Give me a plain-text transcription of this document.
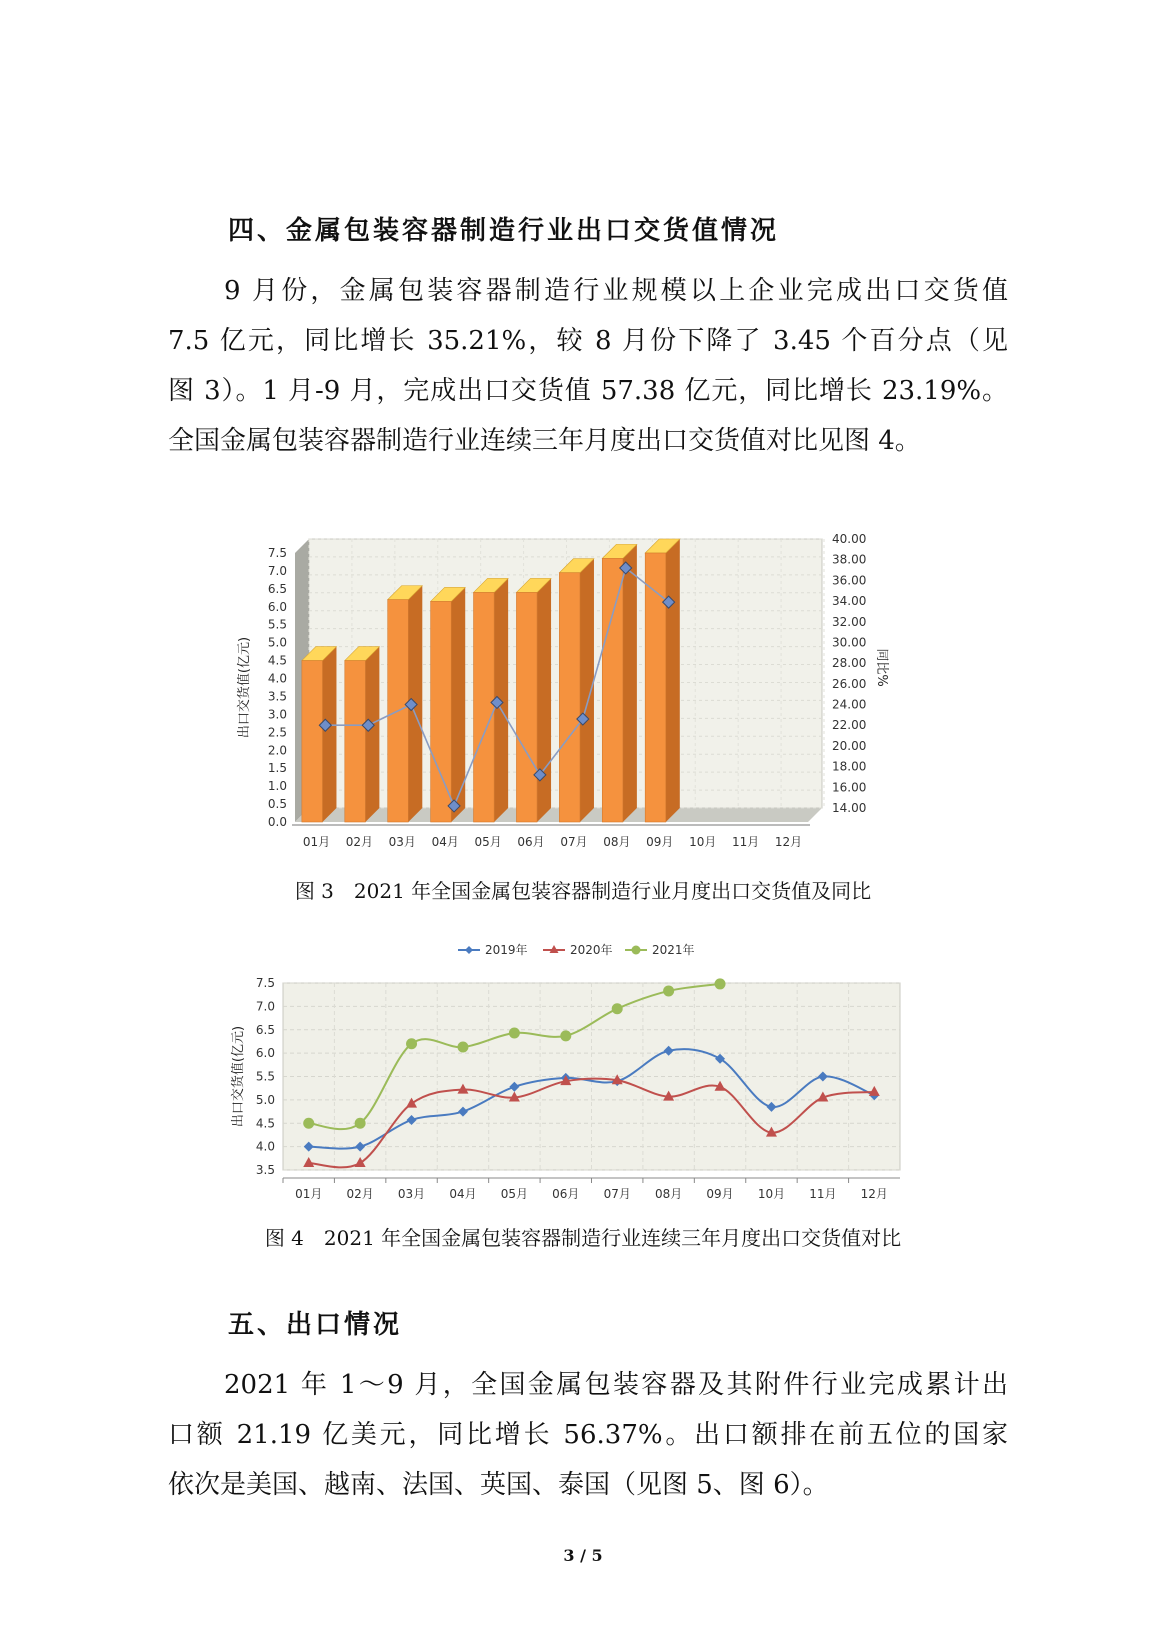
四、金属包装容器制造行业出口交货值情况

9 月份，金属包装容器制造行业规模以上企业完成出口交货值

7.5 亿元，同比增长 35.21%，较 8 月份下降了 3.45 个百分点（见

图 3）。1 月-9 月，完成出口交货值 57.38 亿元，同比增长 23.19%。

全国金属包装容器制造行业连续三年月度出口交货值对比见图 4。

0.0
0.5
1.0
1.5
2.0
2.5
3.0
3.5
4.0
4.5
5.0
5.5
6.0
6.5
7.0
7.5
14.00
16.00
18.00
20.00
22.00
24.00
26.00
28.00
30.00
32.00
34.00
36.00
38.00
40.00
出口交货值(亿元)	同比%
01月 02月 03月 04月 05月 06月 07月 08月 09月 10月 11月 12月
图 3　2021 年全国金属包装容器制造行业月度出口交货值及同比
3.5
4.0
4.5
5.0
5.5
6.0
6.5
7.0
7.5
01月 02月 03月 04月 05月 06月 07月 08月 09月 10月 11月 12月
出口交货值(亿元)
2019年	2020年	2021年
图 4　2021 年全国金属包装容器制造行业连续三年月度出口交货值对比
五、出口情况

2021 年 1～9 月，全国金属包装容器及其附件行业完成累计出

口额 21.19 亿美元，同比增长 56.37%。出口额排在前五位的国家

依次是美国、越南、法国、英国、泰国（见图 5、图 6）。

3 / 5
